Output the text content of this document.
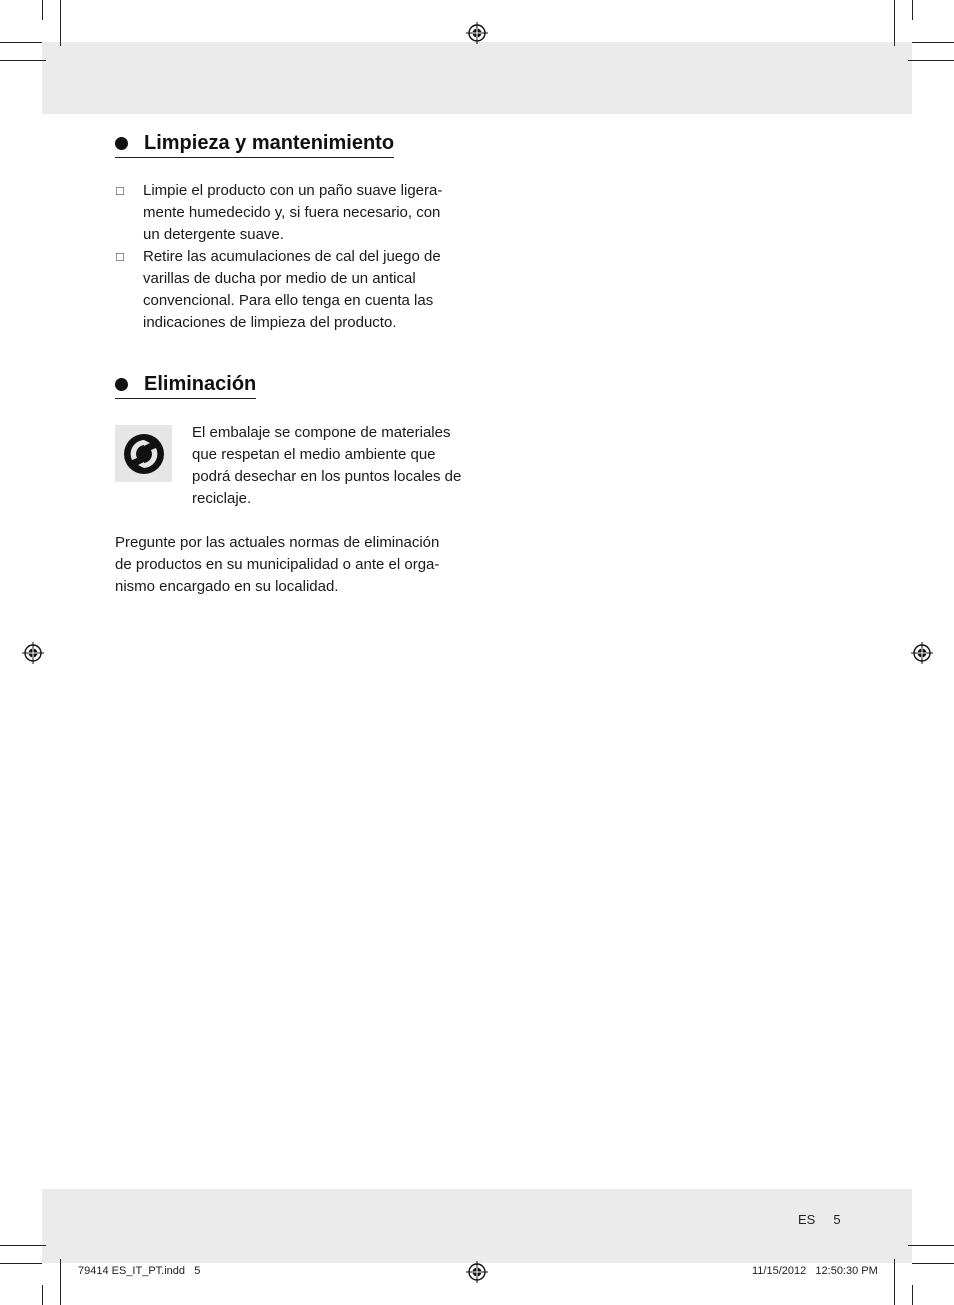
Limpieza y mantenimiento
☐	Limpie el producto con un paño suave ligera-mente humedecido y, si fuera necesario, con un detergente suave.
☐	Retire las acumulaciones de cal del juego de varillas de ducha por medio de un antical convencional. Para ello tenga en cuenta las indicaciones de limpieza del producto.
Eliminación
El embalaje se compone de materiales que respetan el medio ambiente que podrá desechar en los puntos locales de reciclaje.
Pregunte por las actuales normas de eliminación de productos en su municipalidad o ante el orga-nismo encargado en su localidad.
ES 5
79414 ES_IT_PT.indd   5	11/15/2012   12:50:30 PM
